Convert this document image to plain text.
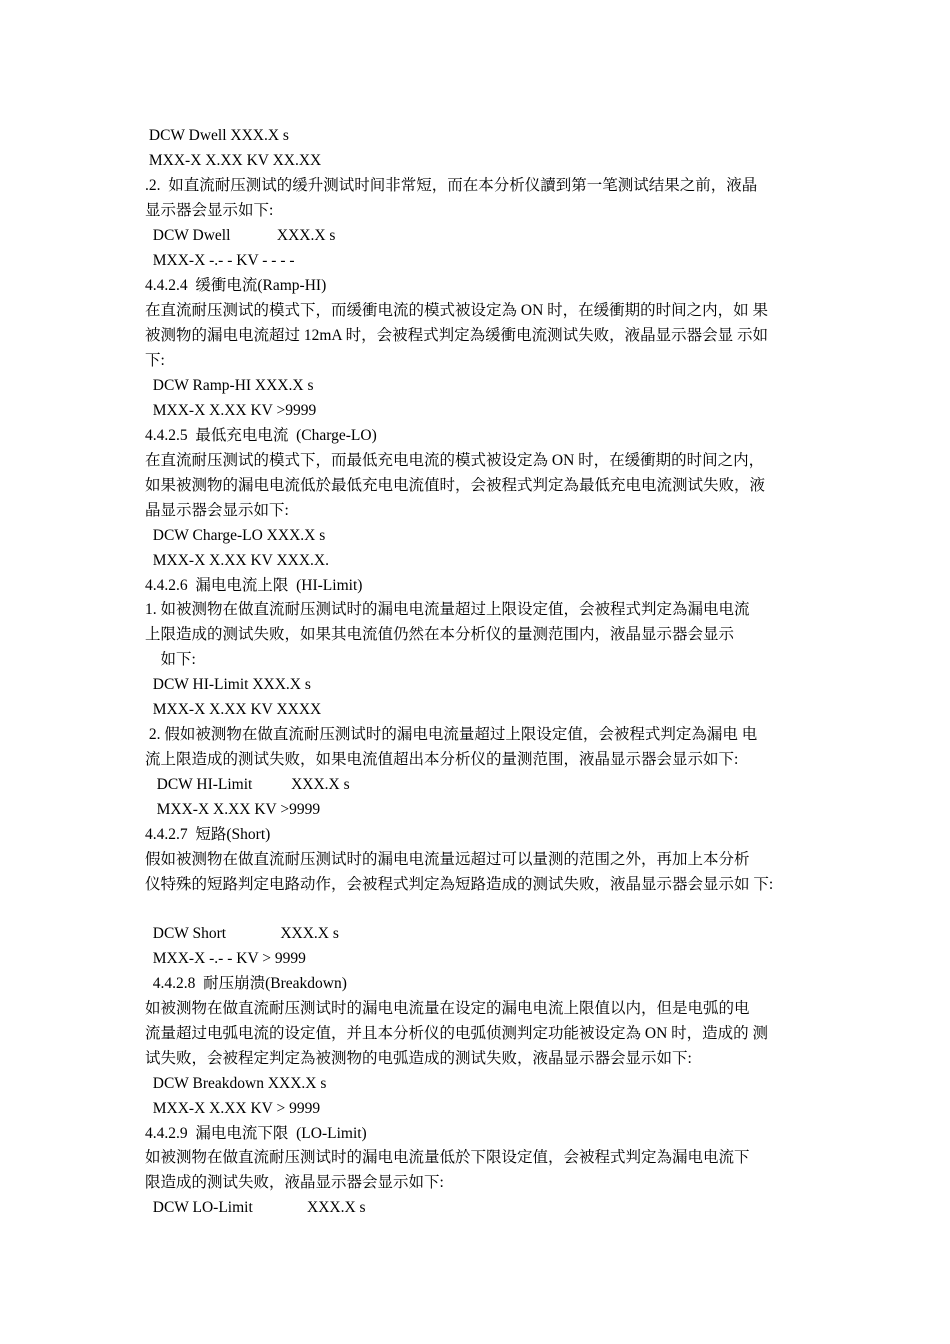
DCW Dwell XXX.X s
MXX-X X.XX KV XX.XX
.2.  如直流耐压测试的缓升测试时间非常短，而在本分析仪讀到第一笔测试结果之前，液晶
显示器会显示如下:
DCW Dwell            XXX.X s
MXX-X -.- - KV - - - -
4.4.2.4  缓衝电流(Ramp-HI)
在直流耐压测试的模式下，而缓衝电流的模式被设定為 ON 时，在缓衝期的时间之内，如 果
被测物的漏电电流超过 12mA 时，会被程式判定為缓衝电流测试失败，液晶显示器会显 示如
下:
DCW Ramp-HI XXX.X s
MXX-X X.XX KV >9999
4.4.2.5  最低充电电流  (Charge-LO)
在直流耐压测试的模式下，而最低充电电流的模式被设定為 ON 时，在缓衝期的时间之内，
如果被测物的漏电电流低於最低充电电流值时，会被程式判定為最低充电电流测试失败，液
晶显示器会显示如下:
DCW Charge-LO XXX.X s
MXX-X X.XX KV XXX.X.
4.4.2.6  漏电电流上限  (HI-Limit)
1. 如被测物在做直流耐压测试时的漏电电流量超过上限设定值，会被程式判定為漏电电流
上限造成的测试失败，如果其电流值仍然在本分析仪的量测范围内，液晶显示器会显示
如下:
DCW HI-Limit XXX.X s
MXX-X X.XX KV XXXX
2. 假如被测物在做直流耐压测试时的漏电电流量超过上限设定值，会被程式判定為漏电 电
流上限造成的测试失败，如果电流值超出本分析仪的量测范围，液晶显示器会显示如下:
DCW HI-Limit          XXX.X s
MXX-X X.XX KV >9999
4.4.2.7  短路(Short)
假如被测物在做直流耐压测试时的漏电电流量远超过可以量测的范围之外，再加上本分析
仪特殊的短路判定电路动作，会被程式判定為短路造成的测试失败，液晶显示器会显示如 下:
DCW Short              XXX.X s
MXX-X -.- - KV > 9999
4.4.2.8  耐压崩溃(Breakdown)
如被测物在做直流耐压测试时的漏电电流量在设定的漏电电流上限值以内，但是电弧的电
流量超过电弧电流的设定值，并且本分析仪的电弧侦测判定功能被设定為 ON 时，造成的 测
试失败，会被程定判定為被测物的电弧造成的测试失败，液晶显示器会显示如下:
DCW Breakdown XXX.X s
MXX-X X.XX KV > 9999
4.4.2.9  漏电电流下限  (LO-Limit)
如被测物在做直流耐压测试时的漏电电流量低於下限设定值，会被程式判定為漏电电流下
限造成的测试失败，液晶显示器会显示如下:
DCW LO-Limit              XXX.X s
